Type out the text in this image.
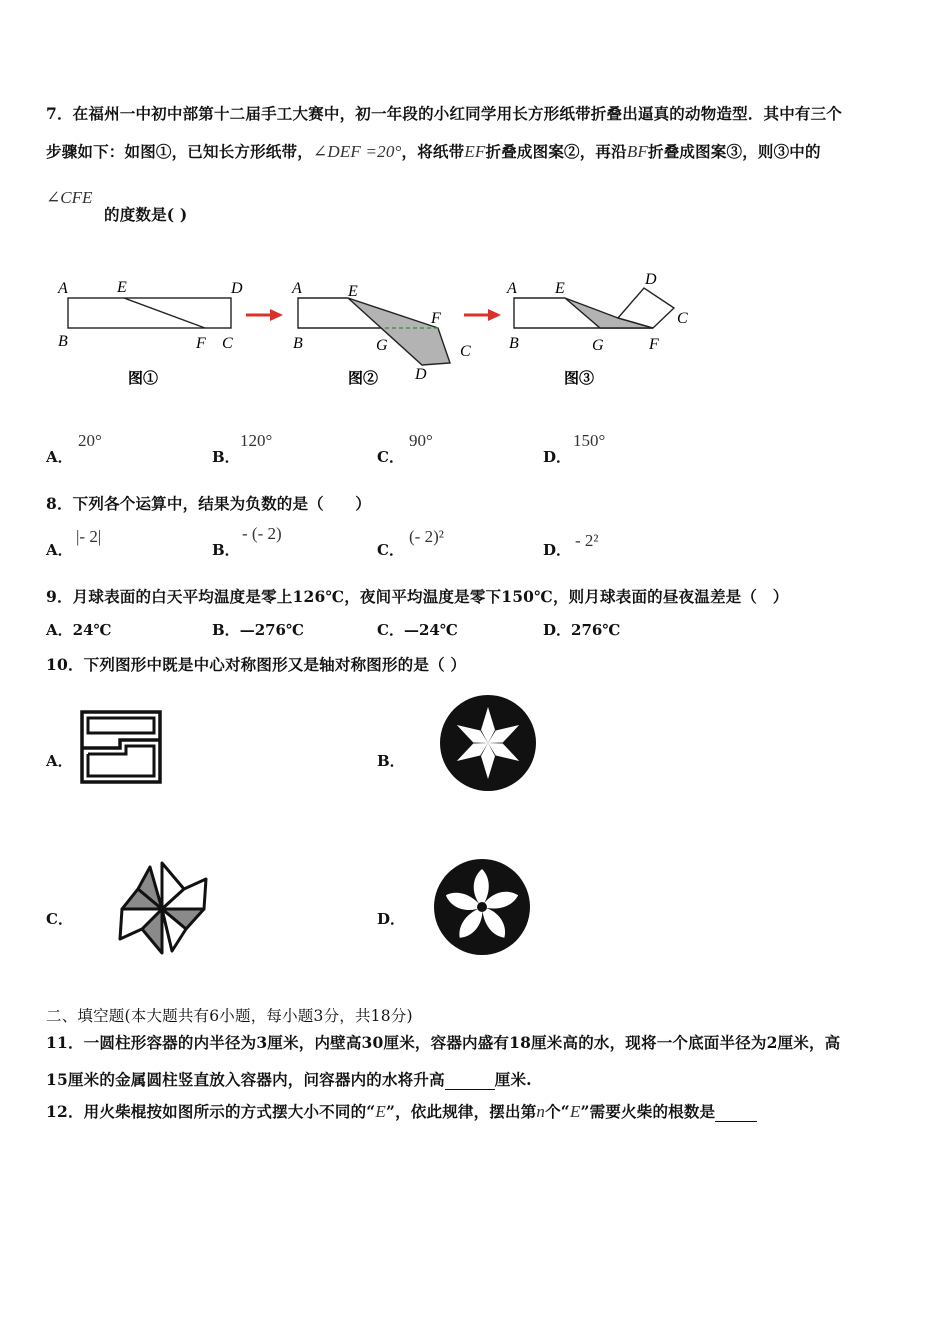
7．在福州一中初中部第十二届手工大赛中，初一年段的小红同学用长方形纸带折叠出逼真的动物造型．其中有三个
步骤如下：如图①，已知长方形纸带，∠DEF =20°，将纸带EF折叠成图案②，再沿BF折叠成图案③，则③中的
∠CFE
的度数是( )
A	E	D
B	F C
图①
A	E
F
B	G	C
D
图②
A E
D
C
B	G	F
图③
A．
20°
B．
120°
C．
90°
D．
150°
8．下列各个运算中，结果为负数的是（　　）
A．
|- 2|
B．
- (- 2)
C．
(- 2)²
D． - 2²
9．月球表面的白天平均温度是零上126℃，夜间平均温度是零下150℃，则月球表面的昼夜温差是（　）
A．24℃	B．—276℃	C．—24℃	D．276℃
10．下列图形中既是中心对称图形又是轴对称图形的是（ ）
A．	B．
C．	D．
二、填空题(本大题共有6小题，每小题3分，共18分)
11．一圆柱形容器的内半径为3厘米，内壁高30厘米，容器内盛有18厘米高的水，现将一个底面半径为2厘米，高
15厘米的金属圆柱竖直放入容器内，问容器内的水将升高	厘米.
12．用火柴棍按如图所示的方式摆大小不同的“E”，依此规律，摆出第n个“E”需要火柴的根数是
